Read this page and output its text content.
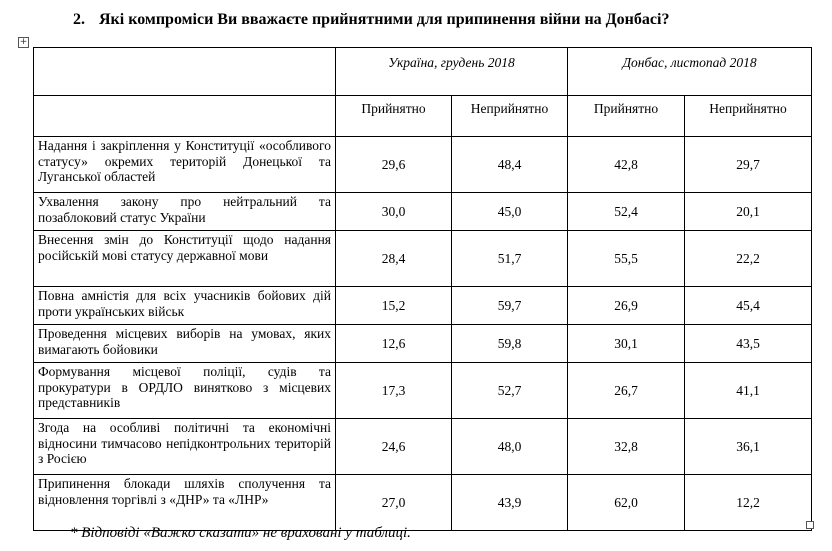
2. Які компроміси Ви вважаєте прийнятними для припинення війни на Донбасі?
+
	Україна, грудень 2018		Донбас, листопад 2018	
	Прийнятно	Неприйнятно	Прийнятно	Неприйнятно
Надання і закріплення у Конституції «особливого статусу» окремих територій Донецької та Луганської областей	29,6	48,4	42,8	29,7
Ухвалення закону про нейтральний та позаблоковий статус України	30,0	45,0	52,4	20,1
Внесення змін до Конституції щодо надання російській мові статусу державної мови	28,4	51,7	55,5	22,2
Повна амністія для всіх учасників бойових дій проти українських військ	15,2	59,7	26,9	45,4
Проведення місцевих виборів на умовах, яких вимагають бойовики	12,6	59,8	30,1	43,5
Формування місцевої поліції, судів та прокуратури в ОРДЛО винятково з місцевих представників	17,3	52,7	26,7	41,1
Згода на особливі політичні та економічні відносини тимчасово непідконтрольних територій з Росією	24,6	48,0	32,8	36,1
Припинення блокади шляхів сполучення та відновлення торгівлі з «ДНР» та «ЛНР»	27,0	43,9	62,0	12,2
* Відповіді «Важко сказати» не враховані у таблиці.
